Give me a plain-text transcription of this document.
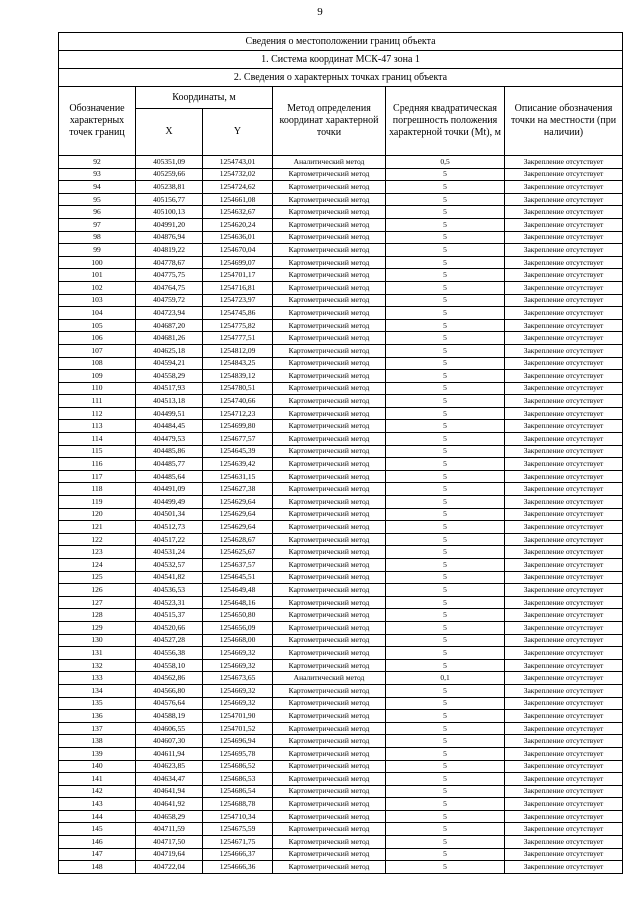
9
Сведения о местоположении границ объекта					
1. Система координат МСК-47 зона 1					
2. Сведения о характерных точках границ объекта					
Обозначение характерных точек границ	Координаты, м		Метод определения координат характерной точки	Средняя квадратическая погрешность положения характерной точки (Mt), м	Описание обозначения точки на местности (при наличии)
	X	Y			
92	405351,09	1254743,01	Аналитический метод	0,5	Закрепление отсутствует
93	405259,66	1254732,02	Картометрический метод	5	Закрепление отсутствует
94	405238,81	1254724,62	Картометрический метод	5	Закрепление отсутствует
95	405156,77	1254661,08	Картометрический метод	5	Закрепление отсутствует
96	405100,13	1254632,67	Картометрический метод	5	Закрепление отсутствует
97	404991,20	1254620,24	Картометрический метод	5	Закрепление отсутствует
98	404876,94	1254636,01	Картометрический метод	5	Закрепление отсутствует
99	404819,22	1254670,04	Картометрический метод	5	Закрепление отсутствует
100	404778,67	1254699,07	Картометрический метод	5	Закрепление отсутствует
101	404775,75	1254701,17	Картометрический метод	5	Закрепление отсутствует
102	404764,75	1254716,81	Картометрический метод	5	Закрепление отсутствует
103	404759,72	1254723,97	Картометрический метод	5	Закрепление отсутствует
104	404723,94	1254745,86	Картометрический метод	5	Закрепление отсутствует
105	404687,20	1254775,82	Картометрический метод	5	Закрепление отсутствует
106	404681,26	1254777,51	Картометрический метод	5	Закрепление отсутствует
107	404625,18	1254812,09	Картометрический метод	5	Закрепление отсутствует
108	404594,21	1254843,25	Картометрический метод	5	Закрепление отсутствует
109	404558,29	1254839,12	Картометрический метод	5	Закрепление отсутствует
110	404517,93	1254780,51	Картометрический метод	5	Закрепление отсутствует
111	404513,18	1254740,66	Картометрический метод	5	Закрепление отсутствует
112	404499,51	1254712,23	Картометрический метод	5	Закрепление отсутствует
113	404484,45	1254699,80	Картометрический метод	5	Закрепление отсутствует
114	404479,53	1254677,57	Картометрический метод	5	Закрепление отсутствует
115	404485,86	1254645,39	Картометрический метод	5	Закрепление отсутствует
116	404485,77	1254639,42	Картометрический метод	5	Закрепление отсутствует
117	404485,64	1254631,15	Картометрический метод	5	Закрепление отсутствует
118	404491,09	1254627,38	Картометрический метод	5	Закрепление отсутствует
119	404499,49	1254629,64	Картометрический метод	5	Закрепление отсутствует
120	404501,34	1254629,64	Картометрический метод	5	Закрепление отсутствует
121	404512,73	1254629,64	Картометрический метод	5	Закрепление отсутствует
122	404517,22	1254628,67	Картометрический метод	5	Закрепление отсутствует
123	404531,24	1254625,67	Картометрический метод	5	Закрепление отсутствует
124	404532,57	1254637,57	Картометрический метод	5	Закрепление отсутствует
125	404541,82	1254645,51	Картометрический метод	5	Закрепление отсутствует
126	404536,53	1254649,48	Картометрический метод	5	Закрепление отсутствует
127	404523,31	1254648,16	Картометрический метод	5	Закрепление отсутствует
128	404515,37	1254650,80	Картометрический метод	5	Закрепление отсутствует
129	404520,66	1254656,09	Картометрический метод	5	Закрепление отсутствует
130	404527,28	1254668,00	Картометрический метод	5	Закрепление отсутствует
131	404556,38	1254669,32	Картометрический метод	5	Закрепление отсутствует
132	404558,10	1254669,32	Картометрический метод	5	Закрепление отсутствует
133	404562,86	1254673,65	Аналитический метод	0,1	Закрепление отсутствует
134	404566,80	1254669,32	Картометрический метод	5	Закрепление отсутствует
135	404576,64	1254669,32	Картометрический метод	5	Закрепление отсутствует
136	404588,19	1254701,90	Картометрический метод	5	Закрепление отсутствует
137	404606,55	1254701,52	Картометрический метод	5	Закрепление отсутствует
138	404607,30	1254696,94	Картометрический метод	5	Закрепление отсутствует
139	404611,94	1254695,78	Картометрический метод	5	Закрепление отсутствует
140	404623,85	1254686,52	Картометрический метод	5	Закрепление отсутствует
141	404634,47	1254686,53	Картометрический метод	5	Закрепление отсутствует
142	404641,94	1254686,54	Картометрический метод	5	Закрепление отсутствует
143	404641,92	1254688,78	Картометрический метод	5	Закрепление отсутствует
144	404658,29	1254710,34	Картометрический метод	5	Закрепление отсутствует
145	404711,59	1254675,59	Картометрический метод	5	Закрепление отсутствует
146	404717,50	1254671,75	Картометрический метод	5	Закрепление отсутствует
147	404719,64	1254666,37	Картометрический метод	5	Закрепление отсутствует
148	404722,04	1254666,36	Картометрический метод	5	Закрепление отсутствует
